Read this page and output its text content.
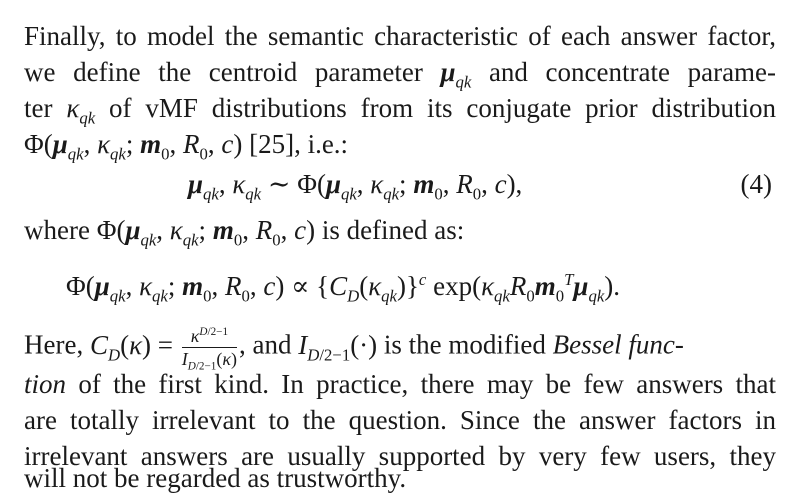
Finally, to model the semantic characteristic of each answer factor,
we define the centroid parameter $\mu_{qk}$ and concentrate parame-
ter $\kappa_{qk}$ of vMF distributions from its conjugate prior distribution
$\Phi(\mu_{qk}$, $\kappa_{qk}$; $m_0$, $R_0$, c) [25], i.e.:
$\mu_{qk}$, $\kappa_{qk}$ ∼ $\Phi(\mu_{qk}$, $\kappa_{qk}$; $m_0$, $R_0$, c),	(4)
where $\Phi(\mu_{qk}$, $\kappa_{qk}$; $m_0$, $R_0$, c) is defined as:
$\Phi(\mu_{qk}$, $\kappa_{qk}$; $m_0$, $R_0$, $c) \propto \{C_D(\kappa_{qk})\}^c$ $\exp(\kappa_{qk}R_0m_0^T\mu_{qk})$.
Here, $C_D(\kappa) = \frac{\kappa^{D/2-1}}{I_{D/2-1}(\kappa)}$ , and $I_{D/2-1}(\cdot)$ is the modified Bessel func-
tion of the first kind. In practice, there may be few answers that
are totally irrelevant to the question. Since the answer factors in
irrelevant answers are usually supported by very few users, they
will not be regarded as trustworthy.
